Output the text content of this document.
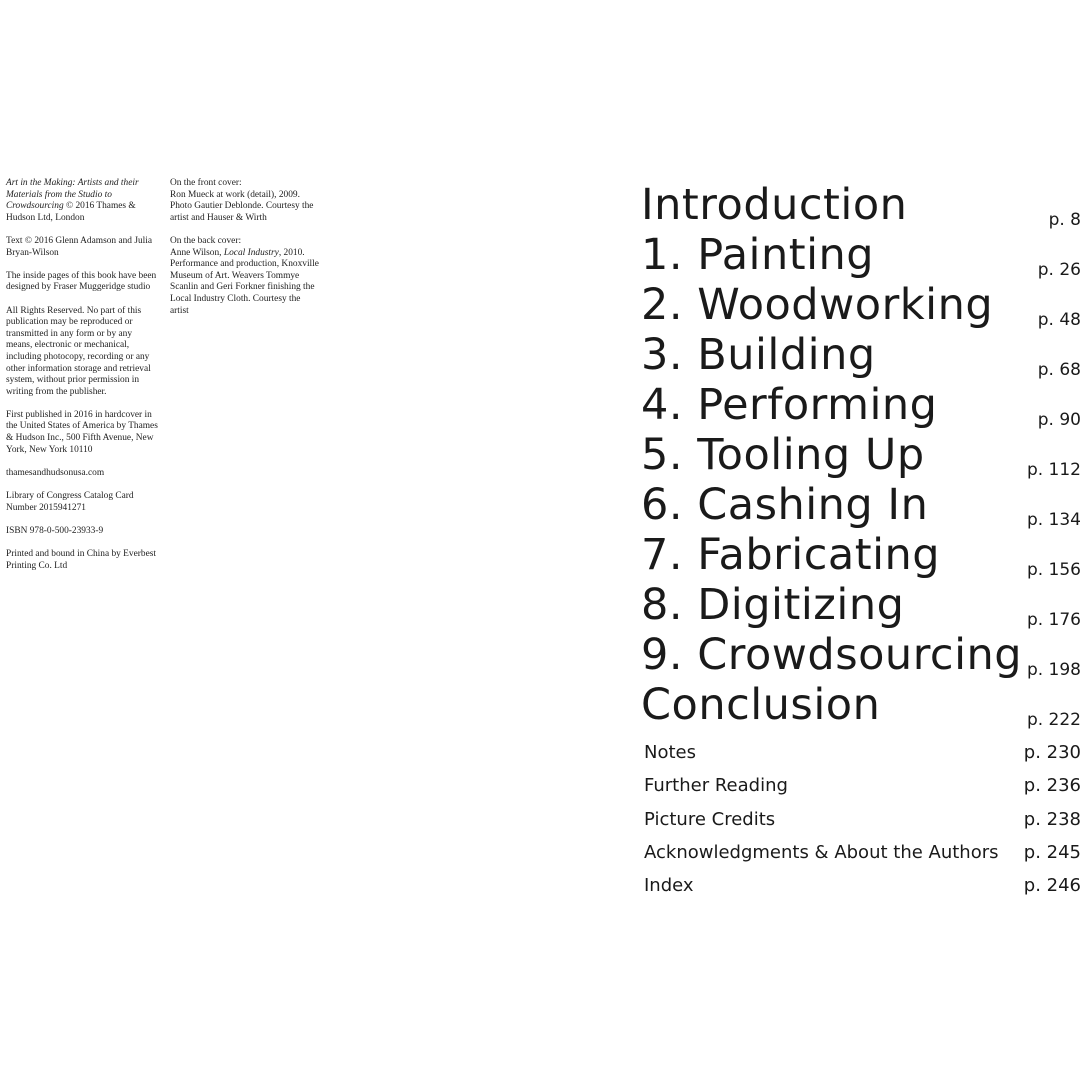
Art in the Making: Artists and their Materials from the Studio to Crowdsourcing © 2016 Thames & Hudson Ltd, London

Text © 2016 Glenn Adamson and Julia Bryan-Wilson

The inside pages of this book have been designed by Fraser Muggeridge studio

All Rights Reserved. No part of this publication may be reproduced or transmitted in any form or by any means, electronic or mechanical, including photocopy, recording or any other information storage and retrieval system, without prior permission in writing from the publisher.

First published in 2016 in hardcover in the United States of America by Thames & Hudson Inc., 500 Fifth Avenue, New York, New York 10110

thamesandhudsonusa.com

Library of Congress Catalog Card Number 2015941271

ISBN 978-0-500-23933-9

Printed and bound in China by Everbest Printing Co. Ltd

On the front cover:
Ron Mueck at work (detail), 2009. Photo Gautier Deblonde. Courtesy the artist and Hauser & Wirth

On the back cover:
Anne Wilson, Local Industry, 2010. Performance and production, Knoxville Museum of Art. Weavers Tommye Scanlin and Geri Forkner finishing the Local Industry Cloth. Courtesy the artist

Introduction	p. 8
1. Painting	p. 26
2. Woodworking	p. 48
3. Building	p. 68
4. Performing	p. 90
5. Tooling Up	p. 112
6. Cashing In	p. 134
7. Fabricating	p. 156
8. Digitizing	p. 176
9. Crowdsourcing p. 198
Conclusion	p. 222
Notes	p. 230
Further Reading	p. 236
Picture Credits	p. 238
Acknowledgments & About the Authors p. 245
Index	p. 246
